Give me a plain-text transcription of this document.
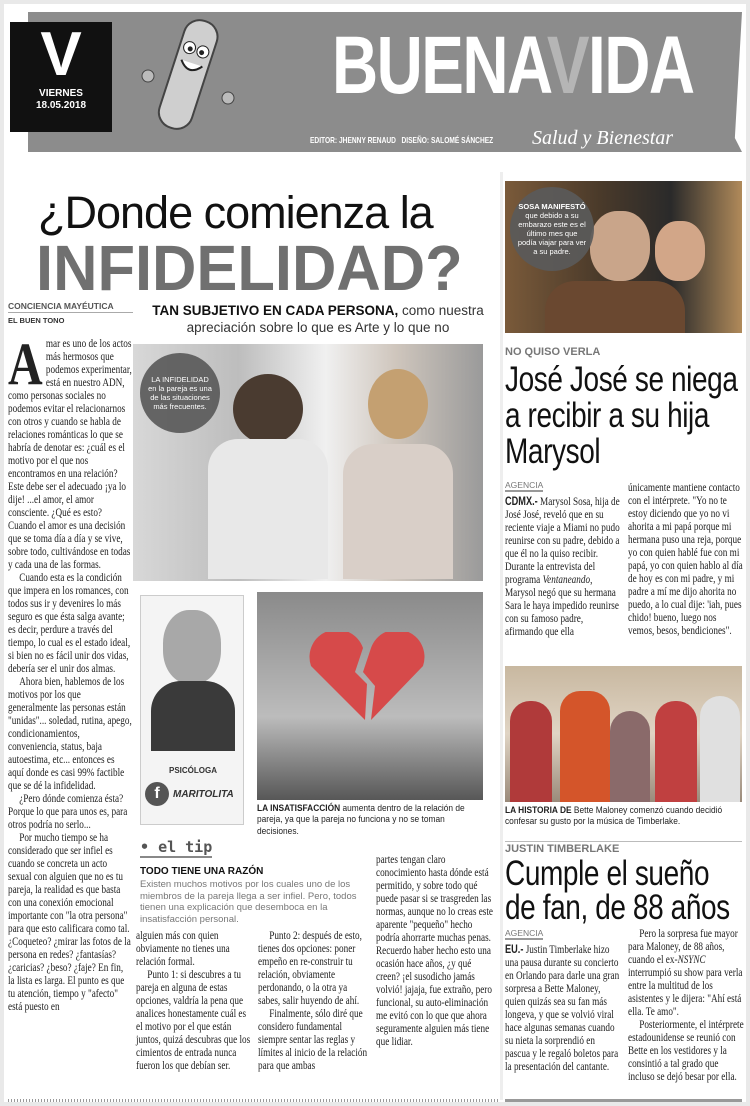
V
VIERNES
18.05.2018	BUENAVIDA
EDITOR: JHENNY RENAUD DISEÑO: SALOMÉ SÁNCHEZ Salud y Bienestar
¿Donde comienza la
INFIDELIDAD?
CONCIENCIA MAYÉUTICA
EL BUEN TONO
TAN SUBJETIVO EN CADA PERSONA, como nuestra apreciación sobre lo que es Arte y lo que no

Amar es uno de los actos más hermosos que podemos experimentar, está en nuestro ADN, como personas sociales no podemos evitar el relacionarnos con otros y cuando se habla de relaciones románticas lo que se habría de denotar es: ¿cuál es el motivo por el que nos encontramos en una relación? Este debe ser el adecuado ¡ya lo dije! ...el amor, el amor consciente. ¿Qué es esto? Cuando el amor es una decisión que se toma día a día y se vive, sobre todo, cultivándose en todas y cada una de las formas.

Cuando esta es la condición que impera en los romances, con todos sus ir y devenires lo más seguro es que ésta salga avante; es decir, perdure a través del tiempo, lo cual es el estado ideal, si bien no es fácil unir dos vidas, debería ser el unir dos almas.

Ahora bien, hablemos de los motivos por los que generalmente las personas están "unidas"... soledad, rutina, apego, condicionamientos, conveniencia, status, baja autoestima, etc... entonces es aquí donde es casi 99% factible que se dé la infidelidad.

¿Pero dónde comienza ésta? Porque lo que para unos es, para otros podría no serlo...

Por mucho tiempo se ha considerado que ser infiel es cuando se concreta un acto sexual con alguien que no es tu pareja, la realidad es que basta con una conexión emocional importante con "la otra persona" para que esto calificara como tal. ¿Coqueteo? ¿mirar las fotos de la persona en redes? ¿fantasías? ¿caricias? ¿beso? ¿faje? En fin, la lista es larga. El punto es que tu atención, tiempo y "afecto" está puesto en

LA INFIDELIDAD en la pareja es una de las situaciones más frecuentes.
PSICÓLOGA
f	MARITOLITA
LA INSATISFACCIÓN aumenta dentro de la relación de pareja, ya que la pareja no funciona y no se toman decisiones.
• el tip
TODO TIENE UNA RAZÓN
Existen muchos motivos por los cuales uno de los miembros de la pareja llega a ser infiel. Pero, todos tienen una explicación que desemboca en la insatisfacción personal.

alguien más con quien obviamente no tienes una relación formal.

Punto 1: si descubres a tu pareja en alguna de estas opciones, valdría la pena que analices honestamente cuál es el motivo por el que están juntos, quizá descubras que los cimientos de entrada nunca fueron los que debían ser.

Punto 2: después de esto, tienes dos opciones: poner empeño en re-construir tu relación, obviamente perdonando, o la otra ya sabes, salir huyendo de ahí.

Finalmente, sólo diré que considero fundamental siempre sentar las reglas y límites al inicio de la relación para que ambas

partes tengan claro conocimiento hasta dónde está permitido, y sobre todo qué puede pasar si se trasgreden las normas, aunque no lo creas este aparente "pequeño" hecho podría ahorrarte muchas penas. Recuerdo haber hecho esto una ocasión hace años, ¿y qué creen? ¡el susodicho jamás volvió! jajaja, fue extraño, pero funcional, su auto-eliminación me evitó con lo que que ahora seguramente alguien más tiene que lidiar.

SOSA MANIFESTÓ
que debido a su embarazo este es el último mes que podía viajar para ver a su padre.
NO QUISO VERLA
José José se niega a recibir a su hija Marysol
AGENCIA

CDMX.- Marysol Sosa, hija de José José, reveló que en su reciente viaje a Miami no pudo reunirse con su padre, debido a que él no la quiso recibir. Durante la entrevista del programa Ventaneando, Marysol negó que su hermana Sara le haya impedido reunirse con su famoso padre, afirmando que ella

únicamente mantiene contacto con el intérprete. "Yo no te estoy diciendo que yo no vi ahorita a mi papá porque mi hermana puso una reja, porque yo con quien hablé fue con mi papá, yo con quien hablo al día de hoy es con mi padre, y mi padre a mí me dijo ahorita no puedo, a lo cual dije: 'iah, pues chido! bueno, luego nos vemos, besos, bendiciones".

LA HISTORIA DE Bette Maloney comenzó cuando decidió confesar su gusto por la música de Timberlake.
JUSTIN TIMBERLAKE
Cumple el sueño de fan, de 88 años
AGENCIA

EU.- Justin Timberlake hizo una pausa durante su concierto en Orlando para darle una gran sorpresa a Bette Maloney, quien quizás sea su fan más longeva, y que se volvió viral hace algunas semanas cuando su nieta la sorprendió en pascua y le regaló boletos para la presentación del cantante.

Pero la sorpresa fue mayor para Maloney, de 88 años, cuando el ex-NSYNC interrumpió su show para verla entre la multitud de los asistentes y le dijera: "Ahí está ella. Te amo".

Posteriormente, el intérprete estadounidense se reunió con Bette en los vestidores y la consintió a tal grado que incluso se dejó besar por ella.
